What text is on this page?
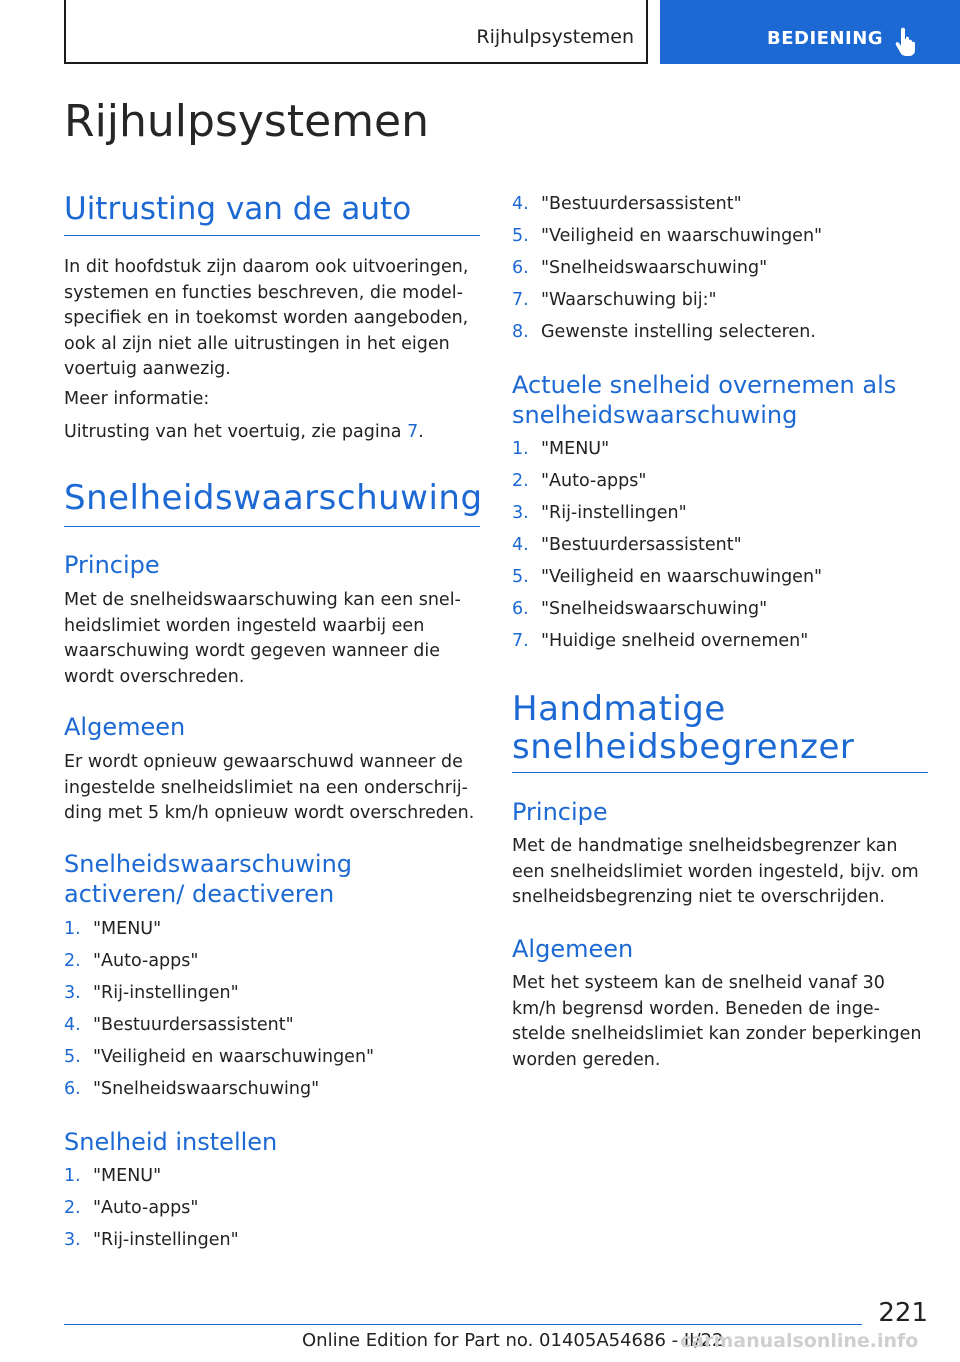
Rijhulpsystemen	BEDIENING
Rijhulpsystemen
Uitrusting van de auto

In dit hoofdstuk zijn daarom ook uitvoeringen, systemen en functies beschreven, die model-specifiek en in toekomst worden aangeboden, ook al zijn niet alle uitrustingen in het eigen voertuig aanwezig.

Meer informatie:

Uitrusting van het voertuig, zie pagina 7.

Snelheidswaarschuwing
Principe

Met de snelheidswaarschuwing kan een snel-heidslimiet worden ingesteld waarbij een waarschuwing wordt gegeven wanneer die wordt overschreden.

Algemeen

Er wordt opnieuw gewaarschuwd wanneer de ingestelde snelheidslimiet na een onderschrij-ding met 5 km/h opnieuw wordt overschreden.

Snelheidswaarschuwing activeren/ deactiveren
1. "MENU"
2. "Auto-apps"
3. "Rij-instellingen"
4. "Bestuurdersassistent"
5. "Veiligheid en waarschuwingen"
6. "Snelheidswaarschuwing"
Snelheid instellen
1. "MENU"
2. "Auto-apps"
3. "Rij-instellingen"
4. "Bestuurdersassistent"
5. "Veiligheid en waarschuwingen"
6. "Snelheidswaarschuwing"
7. "Waarschuwing bij:"
8. Gewenste instelling selecteren.
Actuele snelheid overnemen als snelheidswaarschuwing
1. "MENU"
2. "Auto-apps"
3. "Rij-instellingen"
4. "Bestuurdersassistent"
5. "Veiligheid en waarschuwingen"
6. "Snelheidswaarschuwing"
7. "Huidige snelheid overnemen"
Handmatige snelheidsbegrenzer
Principe

Met de handmatige snelheidsbegrenzer kan een snelheidslimiet worden ingesteld, bijv. om snelheidsbegrenzing niet te overschrijden.

Algemeen

Met het systeem kan de snelheid vanaf 30 km/h begrensd worden. Beneden de inge-stelde snelheidslimiet kan zonder beperkingen worden gereden.

221
Online Edition for Part no. 01405A54686 - II/22
carmanualsonline.info
